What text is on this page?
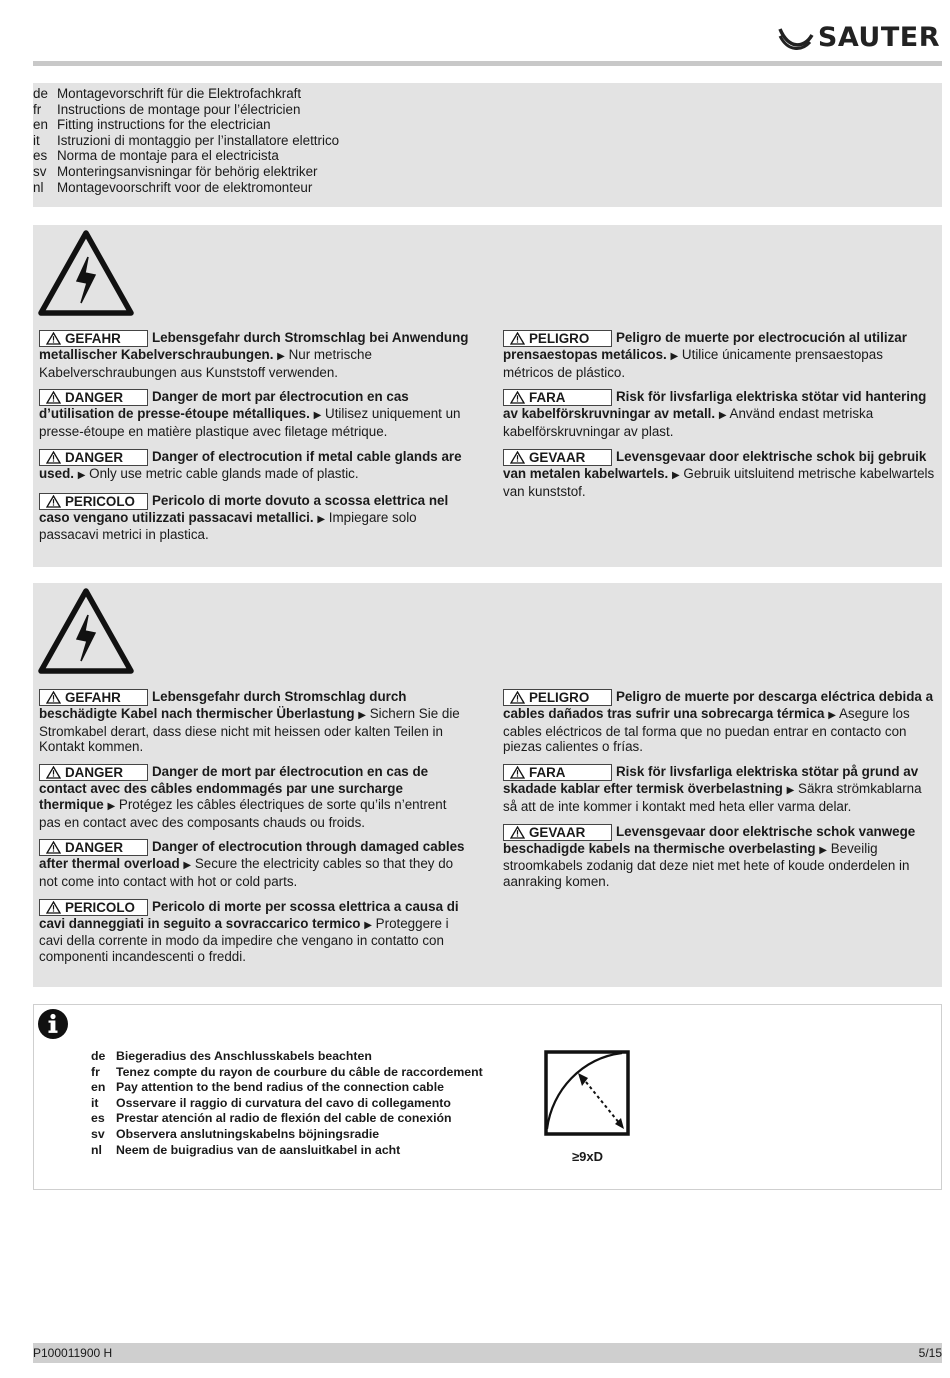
SAUTER
de	Montagevorschrift für die Elektrofachkraft
fr	Instructions de montage pour l’électricien
en	Fitting instructions for the electrician
it	Istruzioni di montaggio per l’installatore elettrico
es	Norma de montaje para el electricista
sv	Monteringsanvisningar för behörig elektriker
nl	Montagevoorschrift voor de elektromonteur
GEFAHR Lebensgefahr durch Stromschlag bei Anwendung metallischer Kabelverschraubungen. ▶ Nur metrische Kabelverschraubungen aus Kunststoff verwenden.
DANGER Danger de mort par électrocution en cas d’utilisation de presse-étoupe métalliques. ▶ Utilisez uniquement un presse-étoupe en matière plastique avec filetage métrique.
DANGER Danger of electrocution if metal cable glands are used. ▶ Only use metric cable glands made of plastic.
PERICOLO Pericolo di morte dovuto a scossa elettrica nel caso vengano utilizzati passacavi metallici. ▶ Impiegare solo passacavi metrici in plastica.
PELIGRO Peligro de muerte por electrocución al utilizar prensaestopas metálicos. ▶ Utilice únicamente prensaestopas métricos de plástico.
FARA	Risk för livsfarliga elektriska stötar vid hantering av kabelförskruvningar av metall. ▶ Använd endast metriska kabelförskruvningar av plast.
GEVAAR Levensgevaar door elektrische schok bij gebruik van metalen kabelwartels. ▶ Gebruik uitsluitend metrische kabelwartels van kunststof.
GEFAHR Lebensgefahr durch Stromschlag durch beschädigte Kabel nach thermischer Überlastung ▶ Sichern Sie die Stromkabel derart, dass diese nicht mit heissen oder kalten Teilen in Kontakt kommen.
DANGER Danger de mort par électrocution en cas de contact avec des câbles endommagés par une surcharge thermique ▶ Protégez les câbles électriques de sorte qu’ils n’entrent pas en contact avec des composants chauds ou froids.
DANGER Danger of electrocution through damaged cables after thermal overload ▶ Secure the electricity cables so that they do not come into contact with hot or cold parts.
PERICOLO Pericolo di morte per scossa elettrica a causa di cavi danneggiati in seguito a sovraccarico termico ▶ Proteggere i cavi della corrente in modo da impedire che vengano in contatto con componenti incandescenti o freddi.
PELIGRO Peligro de muerte por descarga eléctrica debida a cables dañados tras sufrir una sobrecarga térmica ▶ Asegure los cables eléctricos de tal forma que no puedan entrar en contacto con piezas calientes o frías.
FARA	Risk för livsfarliga elektriska stötar på grund av skadade kablar efter termisk överbelastning ▶ Säkra strömkablarna så att de inte kommer i kontakt med heta eller varma delar.
GEVAAR Levensgevaar door elektrische schok vanwege beschadigde kabels na thermische overbelasting ▶ Beveilig stroomkabels zodanig dat deze niet met hete of koude onderdelen in aanraking komen.
de	Biegeradius des Anschlusskabels beachten
fr	Tenez compte du rayon de courbure du câble de raccordement
en	Pay attention to the bend radius of the connection cable
it	Osservare il raggio di curvatura del cavo di collegamento
es	Prestar atención al radio de flexión del cable de conexión
sv	Observera anslutningskabelns böjningsradie
nl	Neem de buigradius van de aansluitkabel in acht	≥9xD
P100011900 H	5/15
